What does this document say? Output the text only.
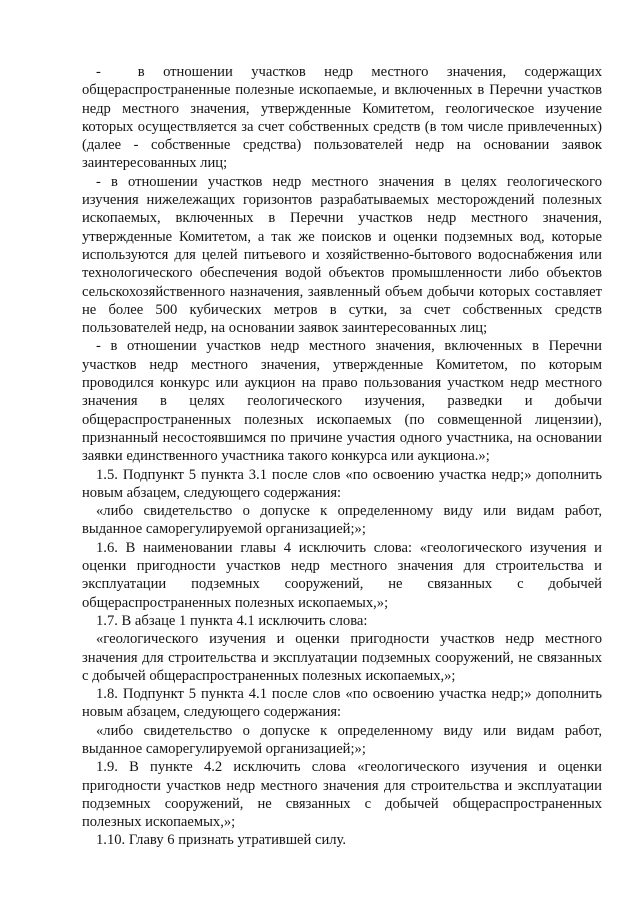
-  в отношении участков недр местного значения, содержащих общераспространенные полезные ископаемые, и включенных в Перечни участков недр местного значения, утвержденные Комитетом, геологическое изучение которых осуществляется за счет собственных средств (в том числе привлеченных) (далее - собственные средства) пользователей недр на основании заявок заинтересованных лиц;

- в отношении участков недр местного значения в целях геологического изучения нижележащих горизонтов разрабатываемых месторождений полезных ископаемых, включенных в Перечни участков недр местного значения, утвержденные Комитетом, а так же поисков и оценки подземных вод, которые используются для целей питьевого и хозяйственно-бытового водоснабжения или технологического обеспечения водой объектов промышленности либо объектов сельскохозяйственного назначения, заявленный объем добычи которых составляет не более 500 кубических метров в сутки, за счет собственных средств пользователей недр, на основании заявок заинтересованных лиц;

- в отношении участков недр местного значения, включенных в Перечни участков недр местного значения, утвержденные Комитетом, по которым проводился конкурс или аукцион на право пользования участком недр местного значения в целях геологического изучения, разведки и добычи общераспространенных полезных ископаемых (по совмещенной лицензии), признанный несостоявшимся по причине участия одного участника, на основании заявки единственного участника такого конкурса или аукциона.»;

1.5. Подпункт 5 пункта 3.1 после слов «по освоению участка недр;» дополнить новым абзацем, следующего содержания:

«либо свидетельство о допуске к определенному виду или видам работ, выданное саморегулируемой организацией;»;

1.6. В наименовании главы 4 исключить слова: «геологического изучения и оценки пригодности участков недр местного значения для строительства и эксплуатации подземных сооружений, не связанных с добычей общераспространенных полезных ископаемых,»;

1.7. В абзаце 1 пункта 4.1 исключить слова:

«геологического изучения и оценки пригодности участков недр местного значения для строительства и эксплуатации подземных сооружений, не связанных с добычей общераспространенных полезных ископаемых,»;

1.8. Подпункт 5 пункта 4.1 после слов «по освоению участка недр;» дополнить новым абзацем, следующего содержания:

«либо свидетельство о допуске к определенному виду или видам работ, выданное саморегулируемой организацией;»;

1.9. В пункте 4.2 исключить слова «геологического изучения и оценки пригодности участков недр местного значения для строительства и эксплуатации подземных сооружений, не связанных с добычей общераспространенных полезных ископаемых,»;

1.10. Главу 6 признать утратившей силу.
